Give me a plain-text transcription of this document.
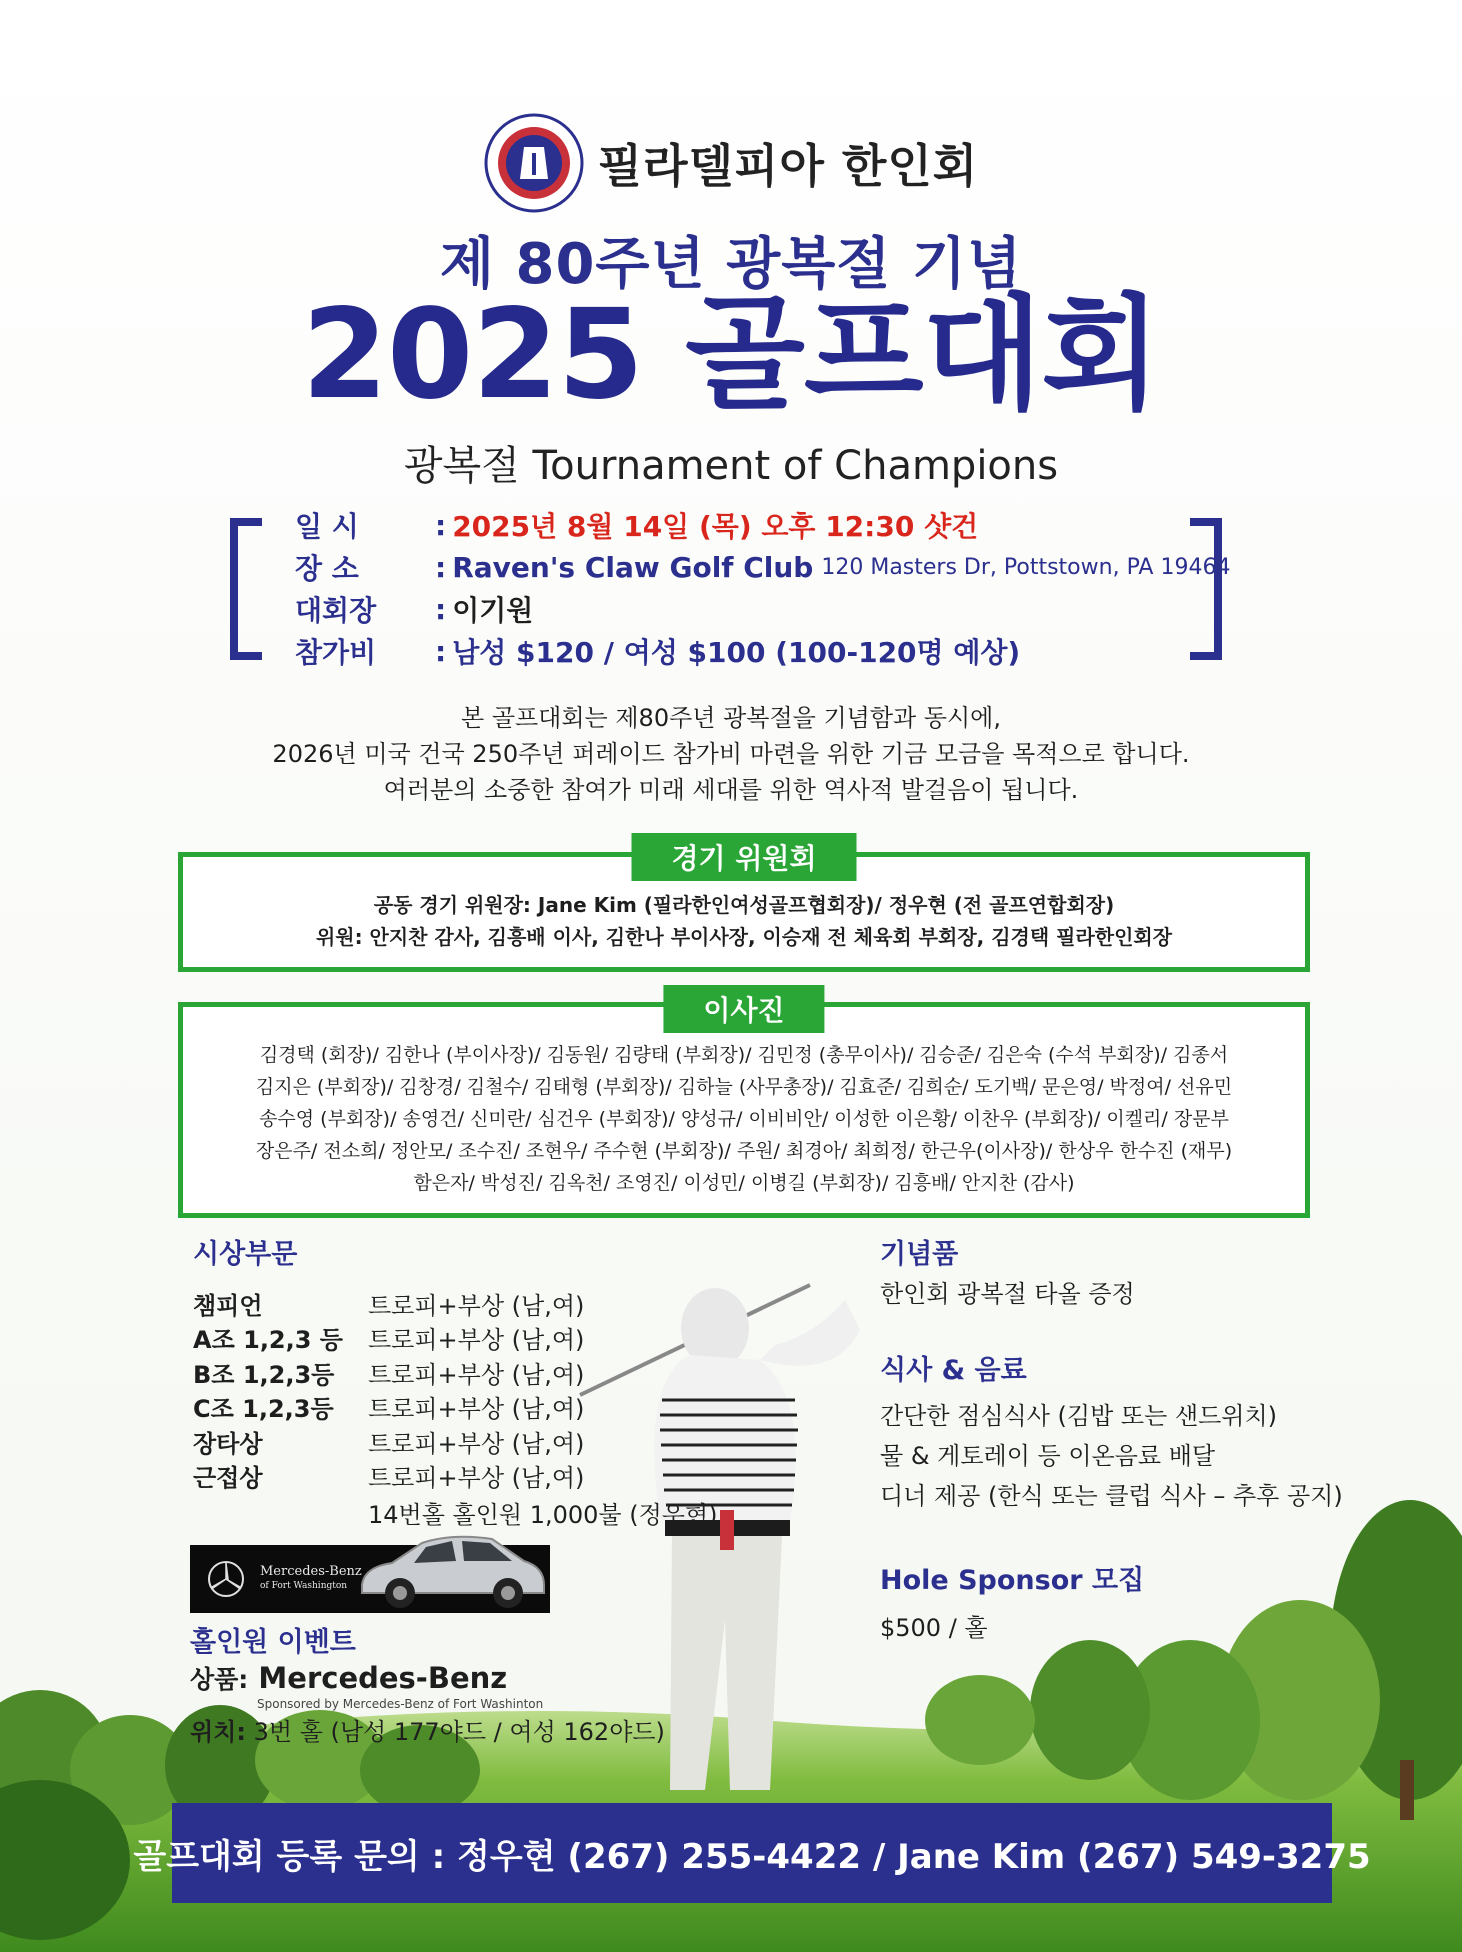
필라델피아 한인회
제 80주년 광복절 기념
2025 골프대회
광복절 Tournament of Champions
일 시	: 2025년 8월 14일 (목) 오후 12:30 샷건
장 소	: Raven's Claw Golf Club 120 Masters Dr, Pottstown, PA 19464
대회장	: 이기원
참가비	: 남성 $120 / 여성 $100 (100-120명 예상)
본 골프대회는 제80주년 광복절을 기념함과 동시에,
2026년 미국 건국 250주년 퍼레이드 참가비 마련을 위한 기금 모금을 목적으로 합니다.
여러분의 소중한 참여가 미래 세대를 위한 역사적 발걸음이 됩니다.
경기 위원회
공동 경기 위원장: Jane Kim (필라한인여성골프협회장)/ 정우현 (전 골프연합회장)
위원: 안지찬 감사, 김흥배 이사, 김한나 부이사장, 이승재 전 체육회 부회장, 김경택 필라한인회장
이사진
김경택 (회장)/ 김한나 (부이사장)/ 김동원/ 김량태 (부회장)/ 김민정 (총무이사)/ 김승준/ 김은숙 (수석 부회장)/ 김종서
김지은 (부회장)/ 김창경/ 김철수/ 김태형 (부회장)/ 김하늘 (사무총장)/ 김효준/ 김희순/ 도기백/ 문은영/ 박정여/ 선유민
송수영 (부회장)/ 송영건/ 신미란/ 심건우 (부회장)/ 양성규/ 이비비안/ 이성한 이은황/ 이찬우 (부회장)/ 이켈리/ 장문부
장은주/ 전소희/ 정안모/ 조수진/ 조현우/ 주수현 (부회장)/ 주원/ 최경아/ 최희정/ 한근우(이사장)/ 한상우 한수진 (재무)
함은자/ 박성진/ 김옥천/ 조영진/ 이성민/ 이병길 (부회장)/ 김흥배/ 안지찬 (감사)
시상부문
챔피언	트로피+부상 (남,여)
A조 1,2,3 등	트로피+부상 (남,여)
B조 1,2,3등	트로피+부상 (남,여)
C조 1,2,3등	트로피+부상 (남,여)
장타상	트로피+부상 (남,여)
근접상	트로피+부상 (남,여)
14번홀 홀인원 1,000불 (정우현)
Mercedes-Benz
of Fort Washington
홀인원 이벤트
상품: Mercedes-Benz
Sponsored by Mercedes-Benz of Fort Washinton
위치: 3번 홀 (남성 177야드 / 여성 162야드)
기념품
한인회 광복절 타올 증정
식사 & 음료
간단한 점심식사 (김밥 또는 샌드위치)
물 & 게토레이 등 이온음료 배달
디너 제공 (한식 또는 클럽 식사 – 추후 공지)
Hole Sponsor 모집
$500 / 홀
골프대회 등록 문의 : 정우현 (267) 255-4422 / Jane Kim (267) 549-3275
